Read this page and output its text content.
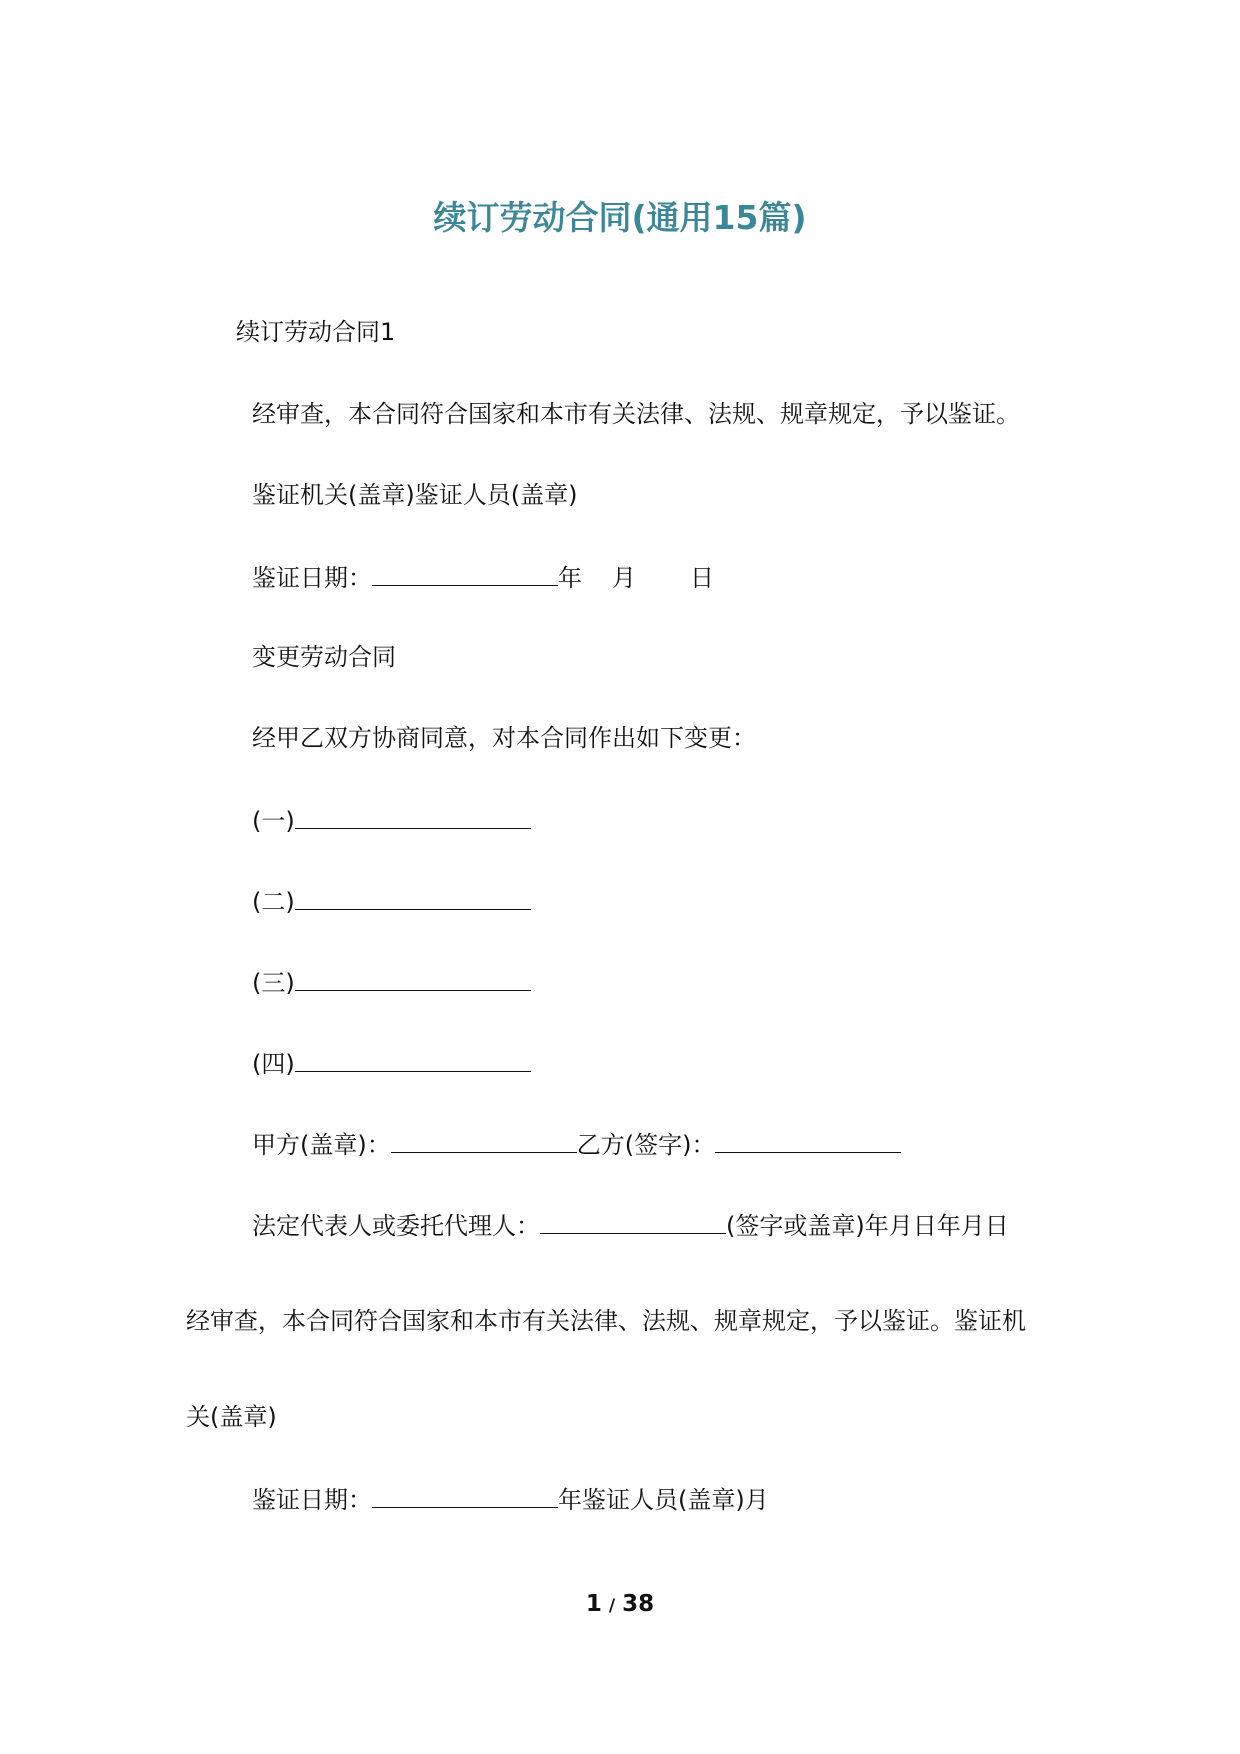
续订劳动合同(通用15篇)
续订劳动合同1
经审查，本合同符合国家和本市有关法律、法规、规章规定，予以鉴证。
鉴证机关(盖章)鉴证人员(盖章)
鉴证日期：	年 月 日
变更劳动合同
经甲乙双方协商同意，对本合同作出如下变更：
(一)
(二)
(三)
(四)
甲方(盖章)：	乙方(签字)：
法定代表人或委托代理人：	(签字或盖章)年月日年月日
经审查，本合同符合国家和本市有关法律、法规、规章规定，予以鉴证。鉴证机
关(盖章)
鉴证日期：	年鉴证人员(盖章)月
1 / 38
